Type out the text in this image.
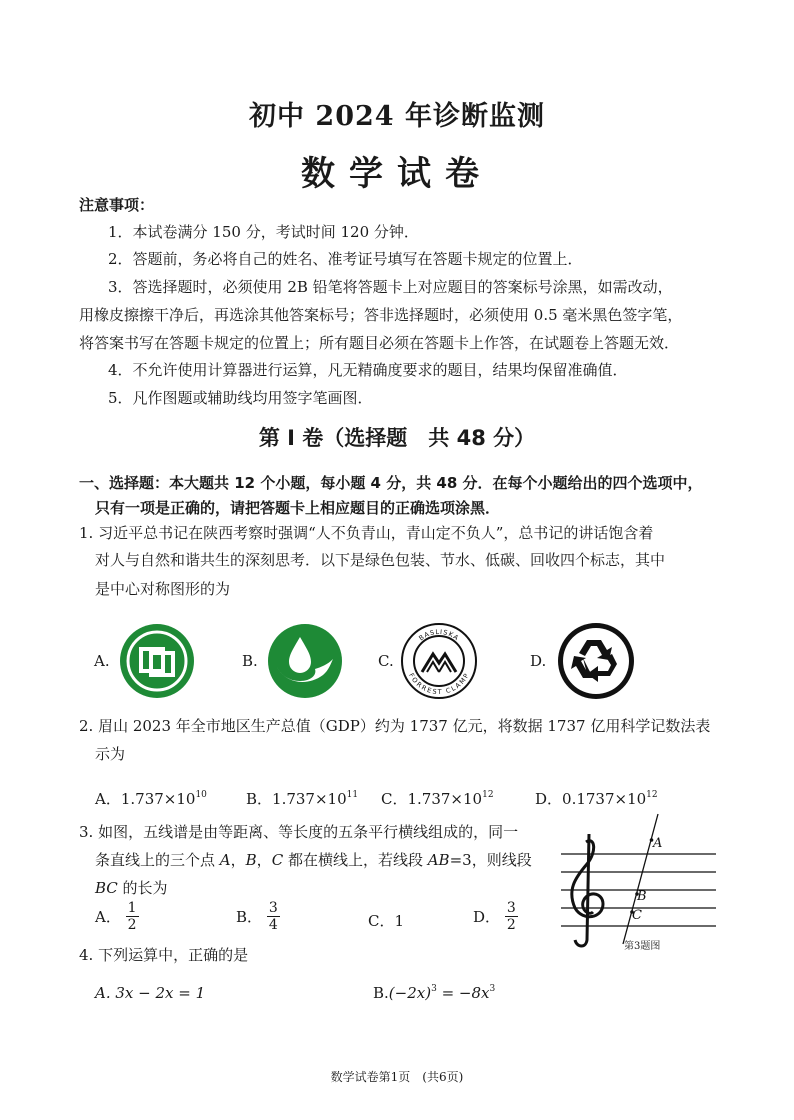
初中 2024 年诊断监测
数学试卷
注意事项：
1．本试卷满分 150 分，考试时间 120 分钟．
2．答题前，务必将自己的姓名、准考证号填写在答题卡规定的位置上．
3．答选择题时，必须使用 2B 铅笔将答题卡上对应题目的答案标号涂黑，如需改动，
用橡皮擦擦干净后，再选涂其他答案标号；答非选择题时，必须使用 0.5 毫米黑色签字笔，
将答案书写在答题卡规定的位置上；所有题目必须在答题卡上作答，在试题卷上答题无效．
4．不允许使用计算器进行运算，凡无精确度要求的题目，结果均保留准确值．
5．凡作图题或辅助线均用签字笔画图．
第 I 卷（选择题　共 48 分）
一、选择题：本大题共 12 个小题，每小题 4 分，共 48 分．在每个小题给出的四个选项中，
只有一项是正确的，请把答题卡上相应题目的正确选项涂黑．
1. 习近平总书记在陕西考察时强调“人不负青山，青山定不负人”，总书记的讲话饱含着
对人与自然和谐共生的深刻思考．以下是绿色包装、节水、低碳、回收四个标志，其中
是中心对称图形的为
A.	B.	C.	D.
BASLISKA
FORREST CLAMP
2. 眉山 2023 年全市地区生产总值（GDP）约为 1737 亿元，将数据 1737 亿用科学记数法表
示为
A．$1.737\times 10^{10}$	B．$1.737\times 10^{11}$ C．$1.737\times 10^{12}$	D．$0.1737\times 10^{12}$
3. 如图，五线谱是由等距离、等长度的五条平行横线组成的，同一
条直线上的三个点 A，B，C 都在横线上，若线段 AB=3，则线段
BC 的长为
A． $\frac{1}{2}$	B． $\frac{3}{4}$	C．1	D． $\frac{3}{2}$
A
B
C
第3题图
4. 下列运算中，正确的是
A. 3x − 2x = 1	$B.(-2x)^3 = -8x^3$
数学试卷第1页　(共6页)
